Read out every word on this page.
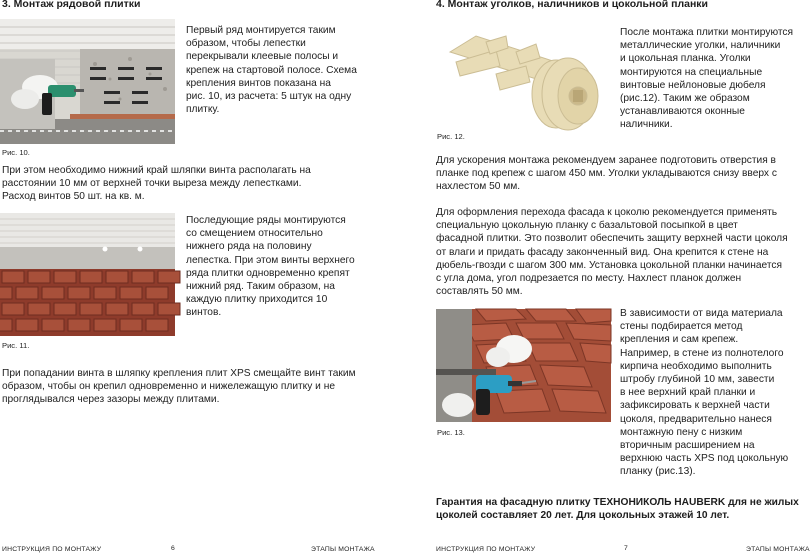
3. Монтаж рядовой плитки
Первый ряд монтируется таким
образом, чтобы лепестки
перекрывали клеевые полосы и
крепеж на стартовой полосе. Схема
крепления винтов показана на
рис. 10, из расчета: 5 штук на одну
плитку.
Рис. 10.
При этом необходимо нижний край шляпки винта располагать на
расстоянии 10 мм от верхней точки выреза между лепестками.
Расход винтов 50 шт. на кв. м.
Последующие ряды монтируются
со смещением относительно
нижнего ряда на половину
лепестка. При этом винты верхнего
ряда плитки одновременно крепят
нижний ряд. Таким образом, на
каждую плитку приходится 10
винтов.
Рис. 11.
При попадании винта в шляпку крепления плит XPS смещайте винт таким
образом, чтобы он крепил одновременно и нижележащую плитку и не
проглядывался через зазоры между плитами.
ИНСТРУКЦИЯ ПО МОНТАЖУ	6	ЭТАПЫ МОНТАЖА
4. Монтаж уголков, наличников и цокольной планки
После монтажа плитки монтируются
металлические уголки, наличники
и цокольная планка. Уголки
монтируются на специальные
винтовые нейлоновые дюбеля
(рис.12). Таким же образом
устанавливаются оконные
наличники.
Рис. 12.
Для ускорения монтажа рекомендуем заранее подготовить отверстия в
планке под крепеж с шагом 450 мм. Уголки укладываются снизу вверх с
нахлестом 50 мм.
Для оформления перехода фасада к цоколю рекомендуется применять
специальную цокольную планку с базальтовой посыпкой в цвет
фасадной плитки. Это позволит обеспечить защиту верхней части цоколя
от влаги и придать фасаду законченный вид. Она крепится к стене на
дюбель-гвозди с шагом 300 мм. Установка цокольной планки начинается
с угла дома, угол подрезается по месту. Нахлест планок должен
составлять 50 мм.
В зависимости от вида материала
стены подбирается метод
крепления и сам крепеж.
Например, в стене из полнотелого
кирпича необходимо выполнить
штробу глубиной 10 мм, завести
в нее верхний край планки и
зафиксировать к верхней части
цоколя, предварительно нанеся
монтажную пену с низким
вторичным расширением на
верхнюю часть XPS под цокольную
планку (рис.13).
Рис. 13.
Гарантия на фасадную плитку ТЕХНОНИКОЛЬ HAUBERK для не жилых
цоколей составляет 20 лет. Для цокольных этажей 10 лет.
ИНСТРУКЦИЯ ПО МОНТАЖУ	7	ЭТАПЫ МОНТАЖА
